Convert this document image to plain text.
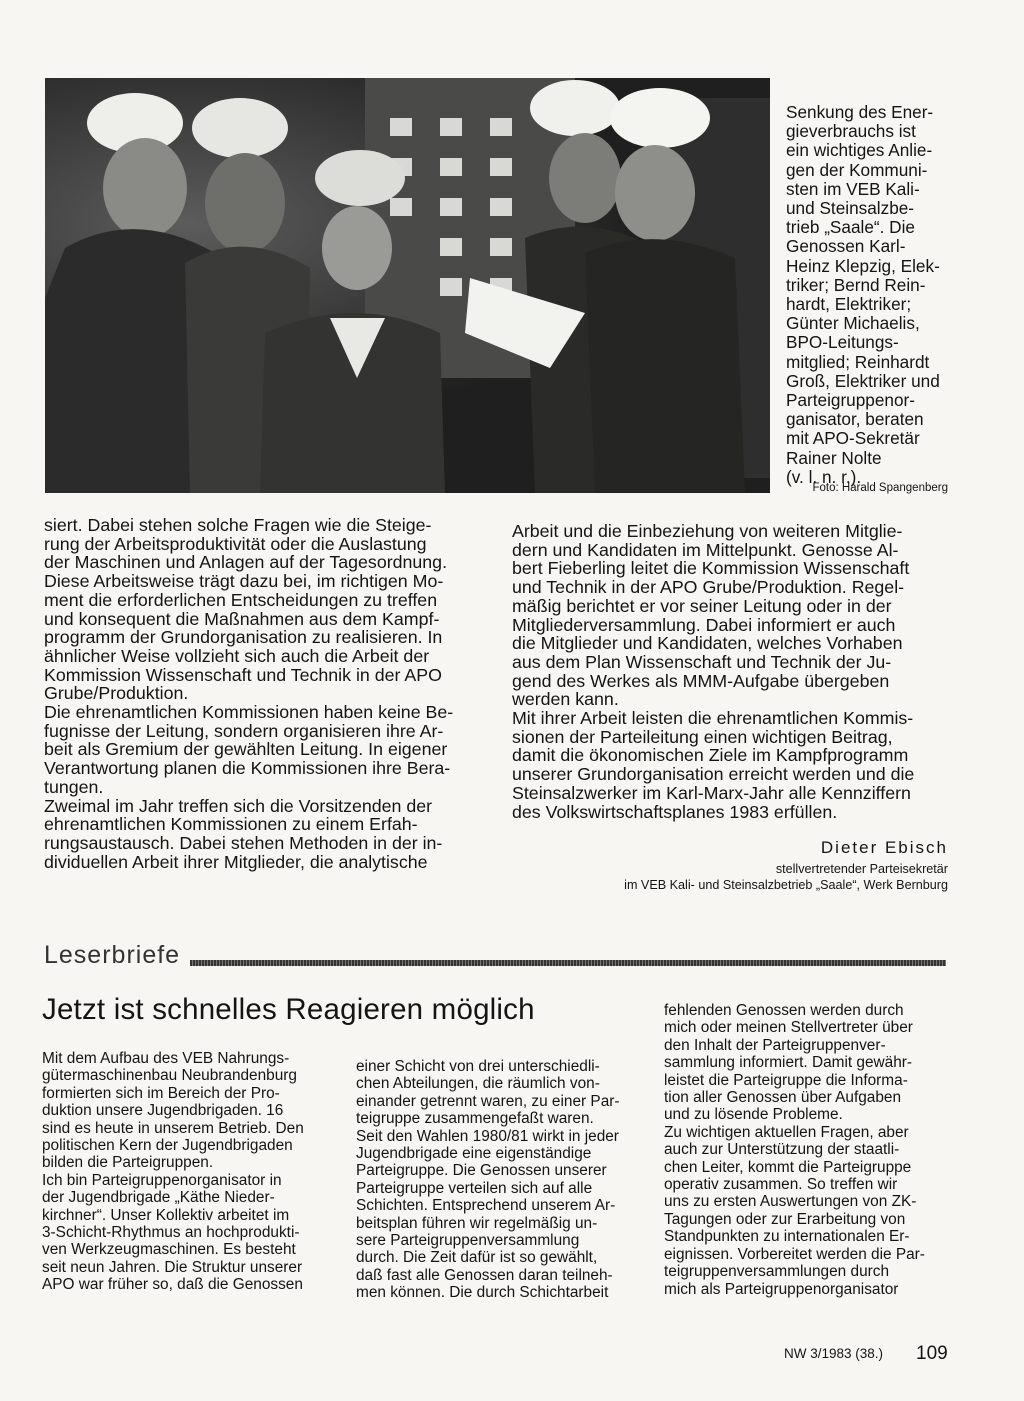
Senkung des Ener-
gieverbrauchs ist
ein wichtiges Anlie-
gen der Kommuni-
sten im VEB Kali-
und Steinsalzbe-
trieb „Saale“. Die
Genossen Karl-
Heinz Klepzig, Elek-
triker; Bernd Rein-
hardt, Elektriker;
Günter Michaelis,
BPO-Leitungs-
mitglied; Reinhardt
Groß, Elektriker und
Parteigruppenor-
ganisator, beraten
mit APO-Sekretär
Rainer Nolte
(v. l. n. r.).
Foto: Harald Spangenberg
siert. Dabei stehen solche Fragen wie die Steige-
rung der Arbeitsproduktivität oder die Auslastung
der Maschinen und Anlagen auf der Tagesordnung.
Diese Arbeitsweise trägt dazu bei, im richtigen Mo-
ment die erforderlichen Entscheidungen zu treffen
und konsequent die Maßnahmen aus dem Kampf-
programm der Grundorganisation zu realisieren. In
ähnlicher Weise vollzieht sich auch die Arbeit der
Kommission Wissenschaft und Technik in der APO
Grube/Produktion.
Die ehrenamtlichen Kommissionen haben keine Be-
fugnisse der Leitung, sondern organisieren ihre Ar-
beit als Gremium der gewählten Leitung. In eigener
Verantwortung planen die Kommissionen ihre Bera-
tungen.
Zweimal im Jahr treffen sich die Vorsitzenden der
ehrenamtlichen Kommissionen zu einem Erfah-
rungsaustausch. Dabei stehen Methoden in der in-
dividuellen Arbeit ihrer Mitglieder, die analytische
Arbeit und die Einbeziehung von weiteren Mitglie-
dern und Kandidaten im Mittelpunkt. Genosse Al-
bert Fieberling leitet die Kommission Wissenschaft
und Technik in der APO Grube/Produktion. Regel-
mäßig berichtet er vor seiner Leitung oder in der
Mitgliederversammlung. Dabei informiert er auch
die Mitglieder und Kandidaten, welches Vorhaben
aus dem Plan Wissenschaft und Technik der Ju-
gend des Werkes als MMM-Aufgabe übergeben
werden kann.
Mit ihrer Arbeit leisten die ehrenamtlichen Kommis-
sionen der Parteileitung einen wichtigen Beitrag,
damit die ökonomischen Ziele im Kampfprogramm
unserer Grundorganisation erreicht werden und die
Steinsalzwerker im Karl-Marx-Jahr alle Kennziffern
des Volkswirtschaftsplanes 1983 erfüllen.
Dieter Ebisch
stellvertretender Parteisekretär
im VEB Kali- und Steinsalzbetrieb „Saale“, Werk Bernburg
Leserbriefe
Jetzt ist schnelles Reagieren möglich
Mit dem Aufbau des VEB Nahrungs-
gütermaschinenbau Neubrandenburg
formierten sich im Bereich der Pro-
duktion unsere Jugendbrigaden. 16
sind es heute in unserem Betrieb. Den
politischen Kern der Jugendbrigaden
bilden die Parteigruppen.
Ich bin Parteigruppenorganisator in
der Jugendbrigade „Käthe Nieder-
kirchner“. Unser Kollektiv arbeitet im
3-Schicht-Rhythmus an hochprodukti-
ven Werkzeugmaschinen. Es besteht
seit neun Jahren. Die Struktur unserer
APO war früher so, daß die Genossen
einer Schicht von drei unterschiedli-
chen Abteilungen, die räumlich von-
einander getrennt waren, zu einer Par-
teigruppe zusammengefaßt waren.
Seit den Wahlen 1980/81 wirkt in jeder
Jugendbrigade eine eigenständige
Parteigruppe. Die Genossen unserer
Parteigruppe verteilen sich auf alle
Schichten. Entsprechend unserem Ar-
beitsplan führen wir regelmäßig un-
sere Parteigruppenversammlung
durch. Die Zeit dafür ist so gewählt,
daß fast alle Genossen daran teilneh-
men können. Die durch Schichtarbeit
fehlenden Genossen werden durch
mich oder meinen Stellvertreter über
den Inhalt der Parteigruppenver-
sammlung informiert. Damit gewähr-
leistet die Parteigruppe die Informa-
tion aller Genossen über Aufgaben
und zu lösende Probleme.
Zu wichtigen aktuellen Fragen, aber
auch zur Unterstützung der staatli-
chen Leiter, kommt die Parteigruppe
operativ zusammen. So treffen wir
uns zu ersten Auswertungen von ZK-
Tagungen oder zur Erarbeitung von
Standpunkten zu internationalen Er-
eignissen. Vorbereitet werden die Par-
teigruppenversammlungen durch
mich als Parteigruppenorganisator
NW 3/1983 (38.) 109
